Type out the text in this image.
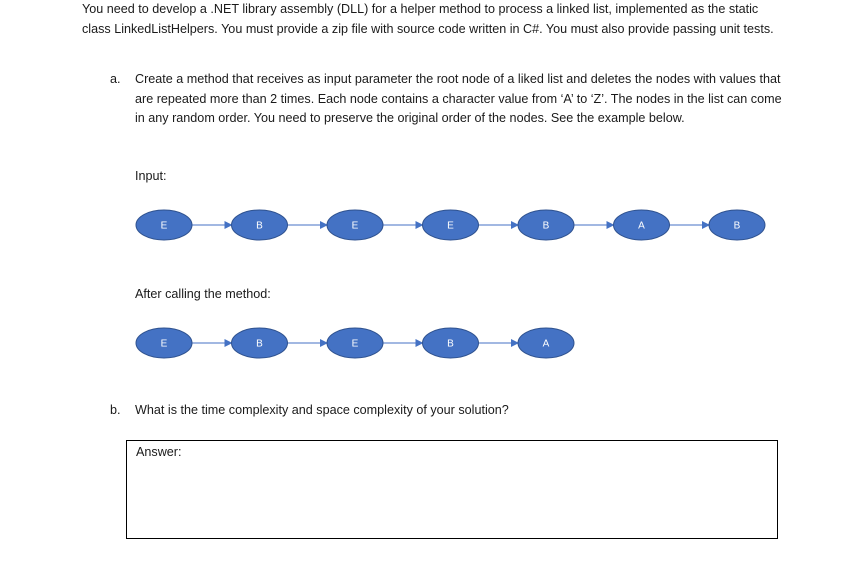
You need to develop a .NET library assembly (DLL) for a helper method to process a linked list, implemented as the static class LinkedListHelpers. You must provide a zip file with source code written in C#. You must also provide passing unit tests.

a. Create a method that receives as input parameter the root node of a liked list and deletes the nodes with values that are repeated more than 2 times. Each node contains a character value from ‘A’ to ‘Z’. The nodes in the list can come in any random order. You need to preserve the original order of the nodes. See the example below.

Input:
E	B	E	E	B	A	B
After calling the method:
E	B	E	B	A
b. What is the time complexity and space complexity of your solution?
Answer:
